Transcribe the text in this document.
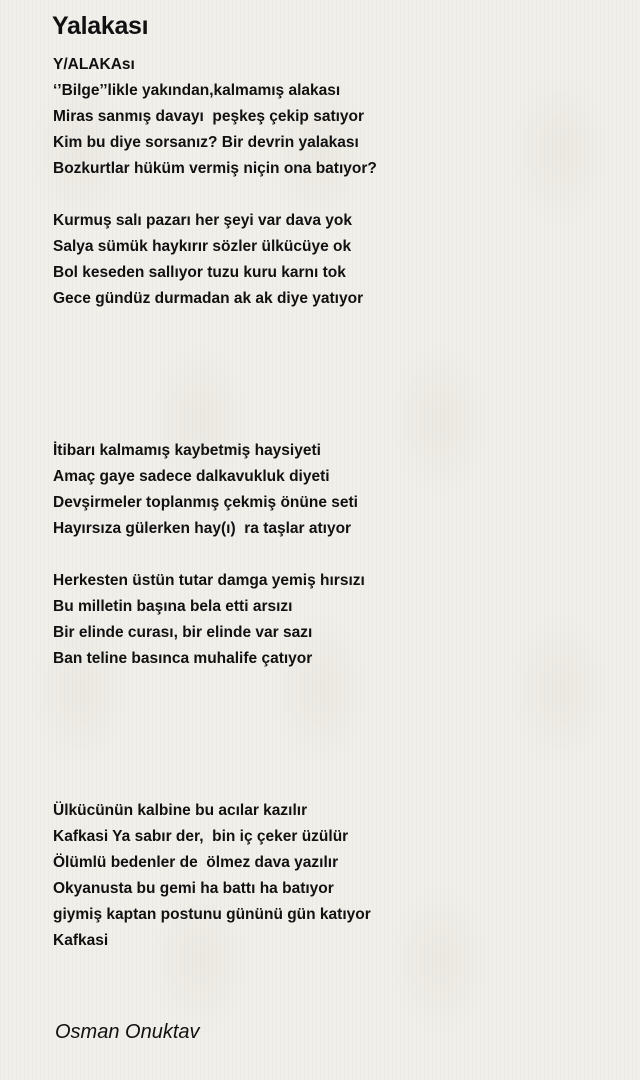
Yalakası
Y/ALAKAsı
‘’Bilge’’likle yakından,kalmamış alakası
Miras sanmış davayı  peşkeş çekip satıyor
Kim bu diye sorsanız? Bir devrin yalakası
Bozkurtlar hüküm vermiş niçin ona batıyor?
Kurmuş salı pazarı her şeyi var dava yok
Salya sümük haykırır sözler ülkücüye ok
Bol keseden sallıyor tuzu kuru karnı tok
Gece gündüz durmadan ak ak diye yatıyor
İtibarı kalmamış kaybetmiş haysiyeti
Amaç gaye sadece dalkavukluk diyeti
Devşirmeler toplanmış çekmiş önüne seti
Hayırsıza gülerken hay(ı)  ra taşlar atıyor
Herkesten üstün tutar damga yemiş hırsızı
Bu milletin başına bela etti arsızı
Bir elinde curası, bir elinde var sazı
Ban teline basınca muhalife çatıyor
Ülkücünün kalbine bu acılar kazılır
Kafkasi Ya sabır der,  bin iç çeker üzülür
Ölümlü bedenler de  ölmez dava yazılır
Okyanusta bu gemi ha battı ha batıyor
giymiş kaptan postunu gününü gün katıyor
Kafkasi
Osman Onuktav
